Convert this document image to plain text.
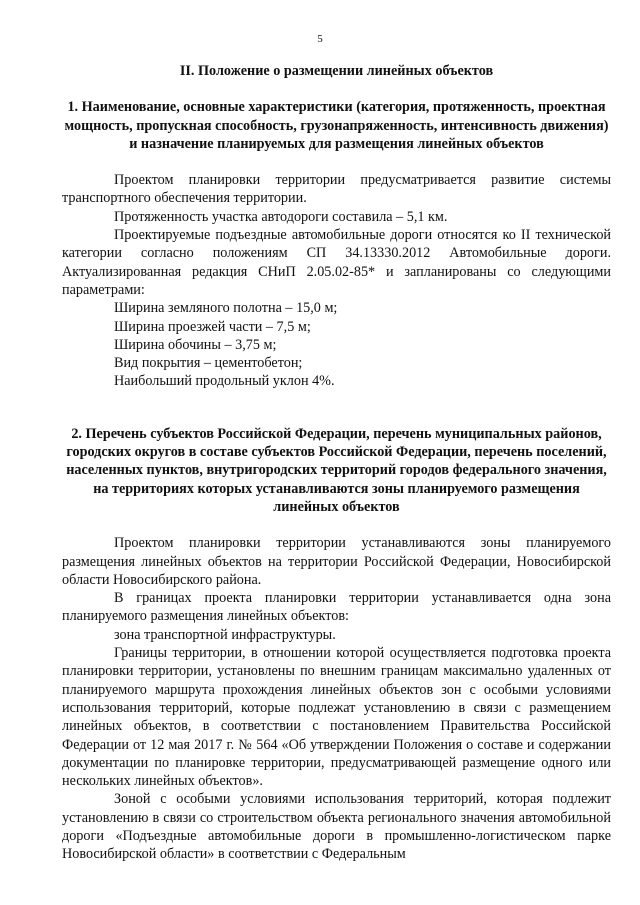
5
II. Положение о размещении линейных объектов
1. Наименование, основные характеристики (категория, протяженность, проектная мощность, пропускная способность, грузонапряженность, интенсивность движения) и назначение планируемых для размещения линейных объектов

Проектом планировки территории предусматривается развитие системы транспортного обеспечения территории.

Протяженность участка автодороги составила – 5,1 км.

Проектируемые подъездные автомобильные дороги относятся ко II технической категории согласно положениям СП 34.13330.2012 Автомобильные дороги. Актуализированная редакция СНиП 2.05.02-85* и запланированы со следующими параметрами:

Ширина земляного полотна – 15,0 м;
Ширина проезжей части – 7,5 м;
Ширина обочины – 3,75 м;
Вид покрытия – цементобетон;
Наибольший продольный уклон 4%.
2. Перечень субъектов Российской Федерации, перечень муниципальных районов, городских округов в составе субъектов Российской Федерации, перечень поселений, населенных пунктов, внутригородских территорий городов федерального значения, на территориях которых устанавливаются зоны планируемого размещения линейных объектов

Проектом планировки территории устанавливаются зоны планируемого размещения линейных объектов на территории Российской Федерации, Новосибирской области Новосибирского района.

В границах проекта планировки территории устанавливается одна зона планируемого размещения линейных объектов:

зона транспортной инфраструктуры.

Границы территории, в отношении которой осуществляется подготовка проекта планировки территории, установлены по внешним границам максимально удаленных от планируемого маршрута прохождения линейных объектов зон с особыми условиями использования территорий, которые подлежат установлению в связи с размещением линейных объектов, в соответствии с постановлением Правительства Российской Федерации от 12 мая 2017 г. № 564 «Об утверждении Положения о составе и содержании документации по планировке территории, предусматривающей размещение одного или нескольких линейных объектов».

Зоной с особыми условиями использования территорий, которая подлежит установлению в связи со строительством объекта регионального значения автомобильной дороги «Подъездные автомобильные дороги в промышленно-логистическом парке Новосибирской области» в соответствии с Федеральным
